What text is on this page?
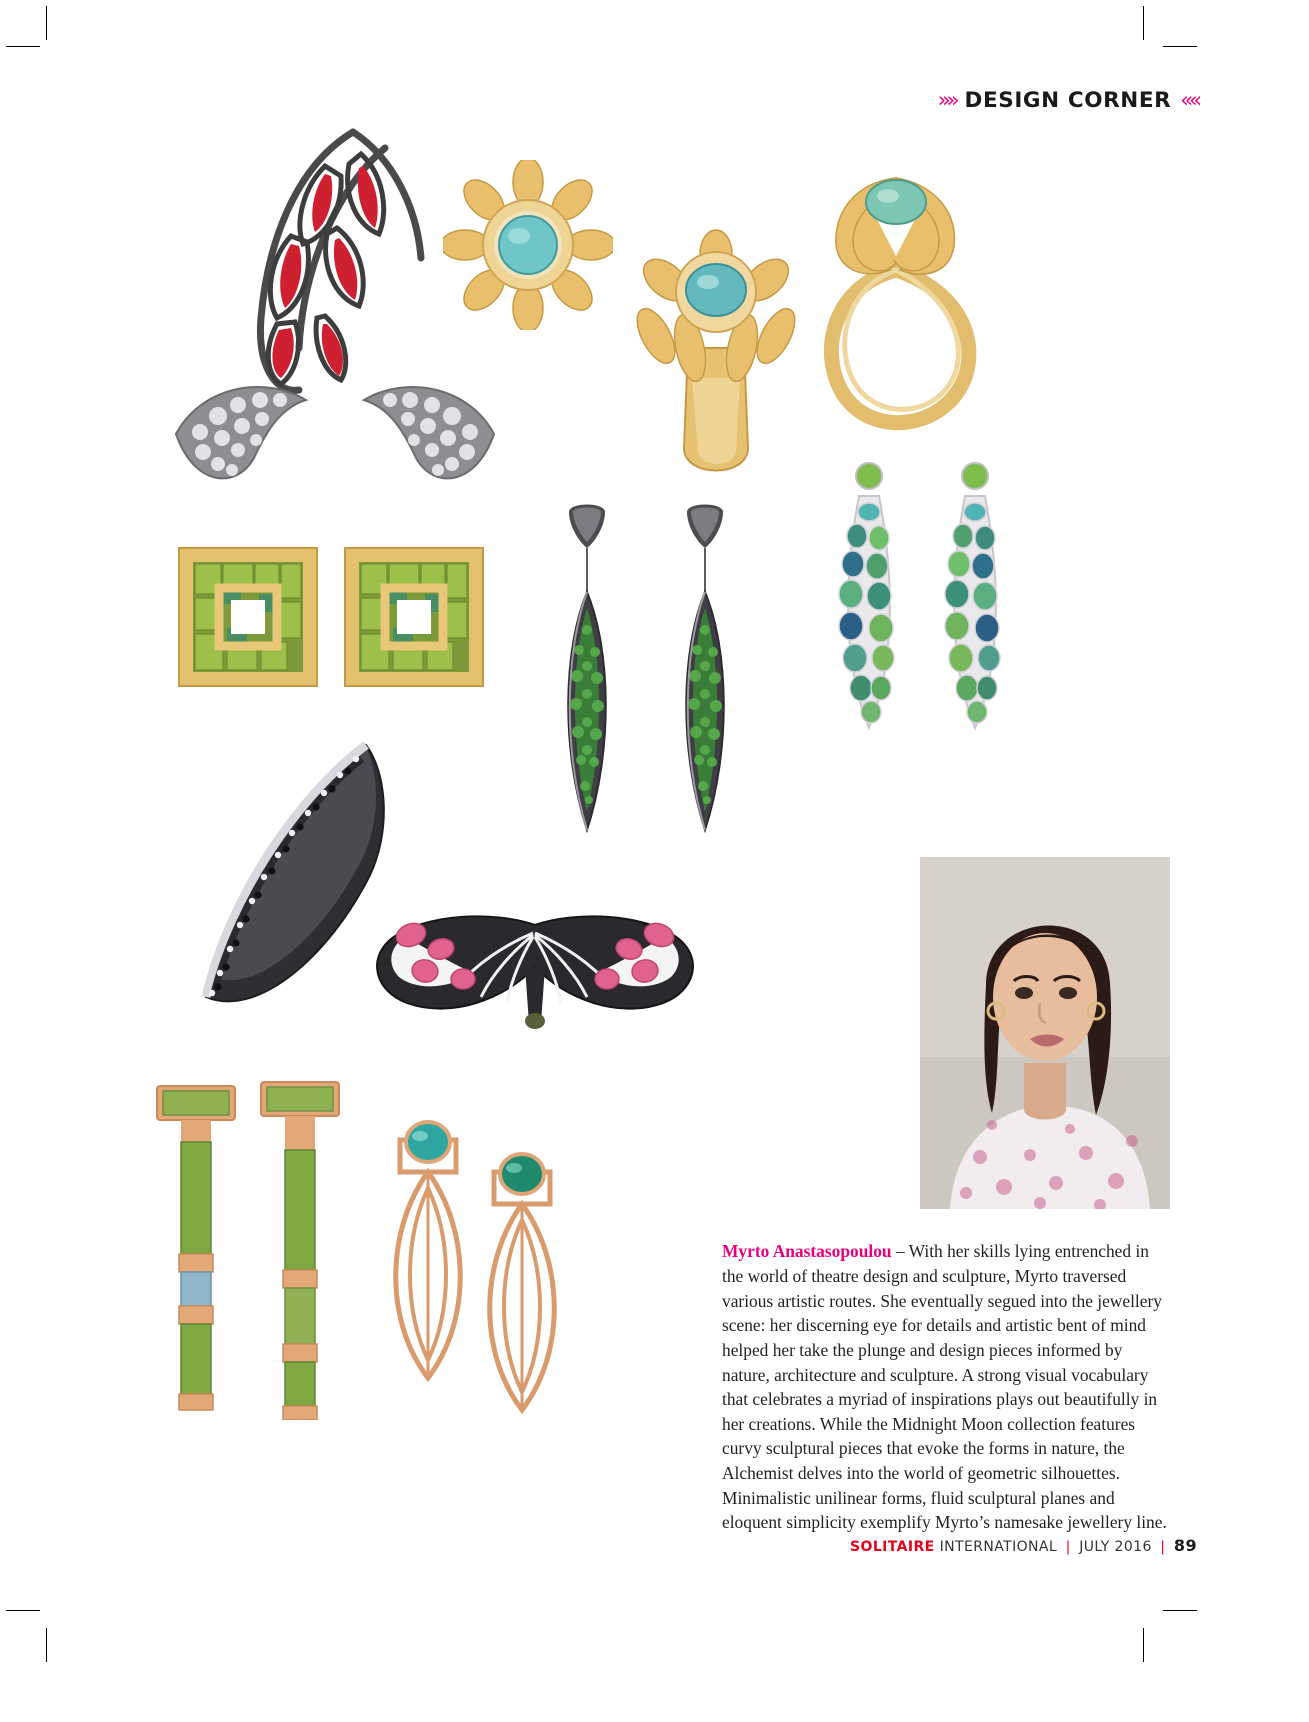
»» DESIGN CORNER ««

Myrto Anastasopoulou – With her skills lying entrenched in the world of theatre design and sculpture, Myrto traversed various artistic routes. She eventually segued into the jewellery scene: her discerning eye for details and artistic bent of mind helped her take the plunge and design pieces informed by nature, architecture and sculpture. A strong visual vocabulary that celebrates a myriad of inspirations plays out beautifully in her creations. While the Midnight Moon collection features curvy sculptural pieces that evoke the forms in nature, the Alchemist delves into the world of geometric silhouettes. Minimalistic unilinear forms, fluid sculptural planes and eloquent simplicity exemplify Myrto’s namesake jewellery line.

SOLITAIRE INTERNATIONAL ❘ JULY 2016 ❘ 89
